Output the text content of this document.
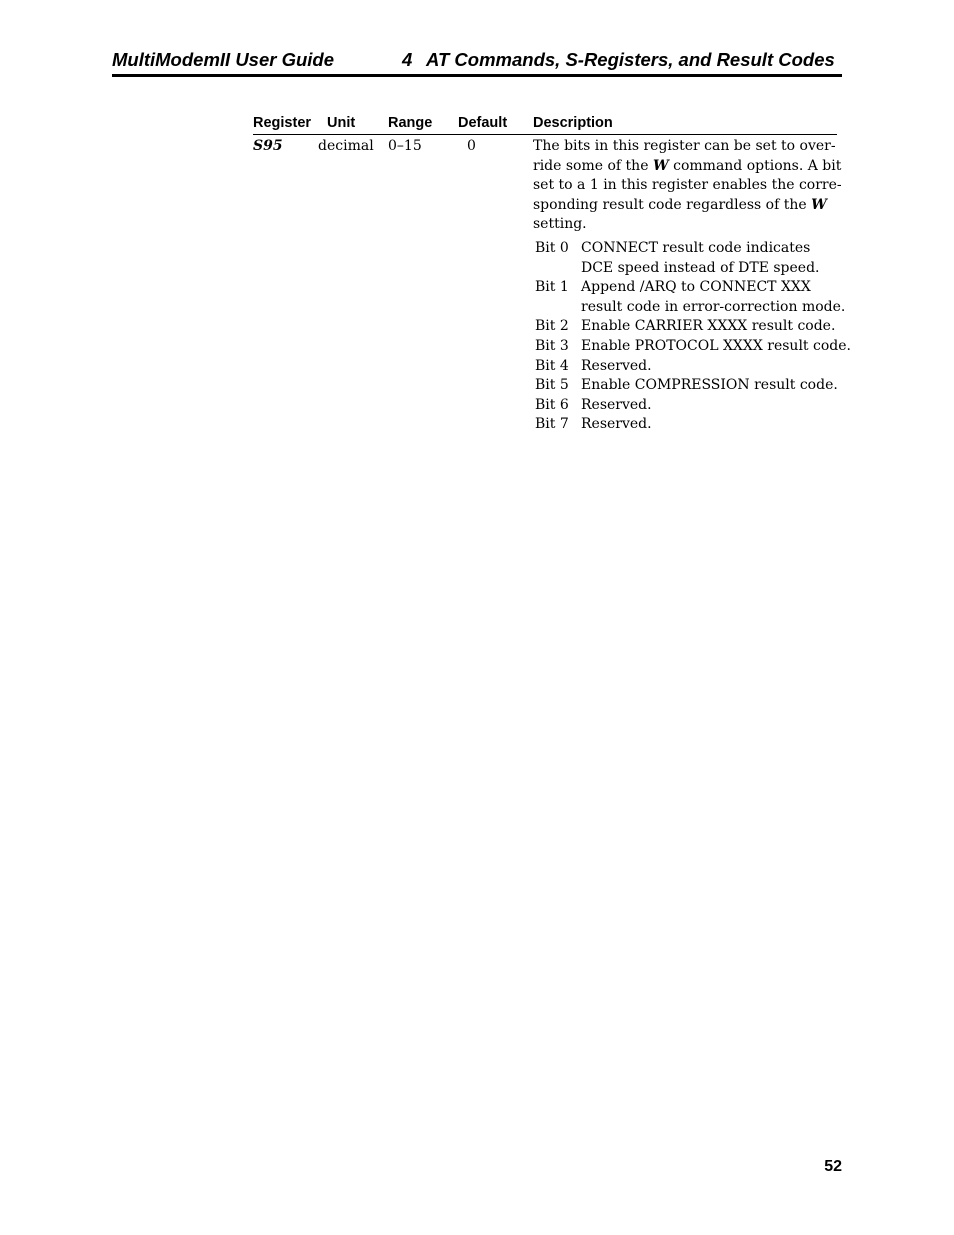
MultiModemII User Guide	4 AT Commands, S-Registers, and Result Codes
Register Unit Range Default Description
S95	decimal 0–15	0	The bits in this register can be set to over-
ride some of the W command options. A bit
set to a 1 in this register enables the corre-
sponding result code regardless of the W
setting.

Bit 0 CONNECT result code indicates
DCE speed instead of DTE speed.
Bit 1 Append /ARQ to CONNECT XXX
result code in error-correction mode.
Bit 2 Enable CARRIER XXXX result code.
Bit 3 Enable PROTOCOL XXXX result code.
Bit 4 Reserved.
Bit 5 Enable COMPRESSION result code.
Bit 6 Reserved.
Bit 7 Reserved.
52
